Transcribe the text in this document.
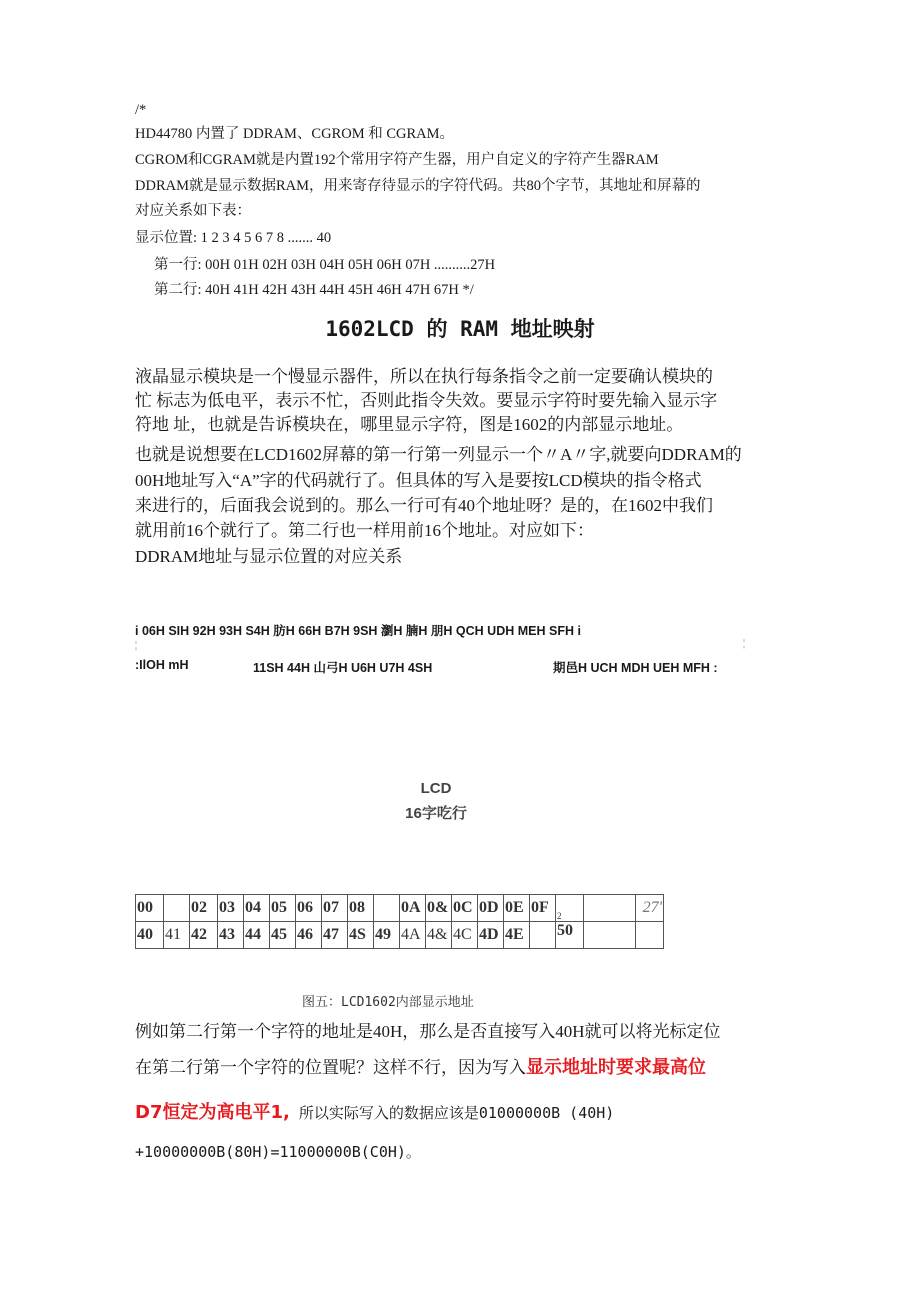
/*
HD44780 内置了 DDRAM、CGROM 和 CGRAM。
CGROM和CGRAM就是内置192个常用字符产生器，用户自定义的字符产生器RAM
DDRAM就是显示数据RAM，用来寄存待显示的字符代码。共80个字节，其地址和屏幕的
对应关系如下表：
显示位置: 1 2 3 4 5 6 7 8 ....... 40
第一行: 00H 01H 02H 03H 04H 05H 06H 07H ..........27H
第二行: 40H 41H 42H 43H 44H 45H 46H 47H 67H */
1602LCD 的 RAM 地址映射
液晶显示模块是一个慢显示器件，所以在执行每条指令之前一定要确认模块的
忙 标志为低电平，表示不忙，否则此指令失效。要显示字符时要先输入显示字
符地 址，也就是告诉模块在，哪里显示字符，图是1602的内部显示地址。
也就是说想要在LCD1602屏幕的第一行第一列显示一个〃A〃字,就要向DDRAM的
00H地址写入“A”字的代码就行了。但具体的写入是要按LCD模块的指令格式
来进行的，后面我会说到的。那么一行可有40个地址呀？是的，在1602中我们
就用前16个就行了。第二行也一样用前16个地址。对应如下：
DDRAM地址与显示位置的对应关系
i 06H SIH 92H 93H S4H 肪H 66H B7H 9SH 瀏H 腩H 朋H QCH UDH MEH SFH i
¦	¦
:IlOH mH	11SH 44H 山弓H U6H U7H 4SH	期邑H UCH MDH UEH MFH :
LCD
16字吃行
00		02	03	04	05	06	07	08		0A	0&	0C	0D	0E	0F	2		27'
40	41	42	43	44	45	46	47	4S	49	4A	4&	4C	4D	4E		50		
图五：LCD1602内部显示地址
例如第二行第一个字符的地址是40H，那么是否直接写入40H就可以将光标定位
在第二行第一个字符的位置呢？这样不行，因为写入显示地址时要求最高位
D7恒定为高电平1, 所以实际写入的数据应该是01000000B (40H)
+10000000B(80H)=11000000B(C0H)。
